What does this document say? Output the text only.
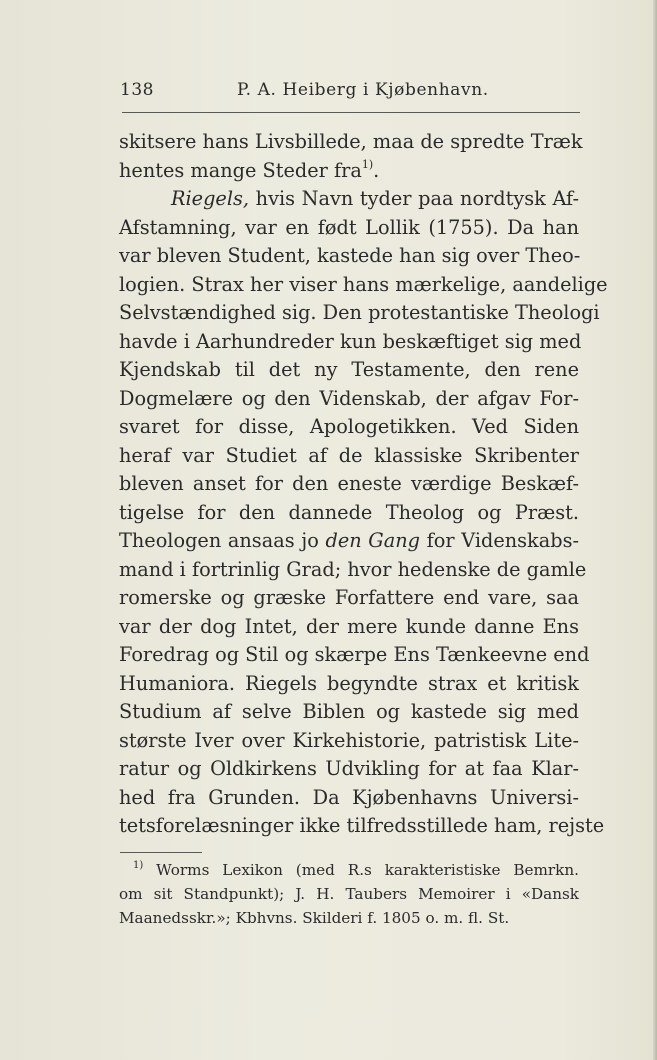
138	P. A. Heiberg i Kjøbenhavn.
skitsere hans Livsbillede, maa de spredte Træk
hentes mange Steder fra$^{1)}$.
Riegels, hvis Navn tyder paa nordtysk Af-
Afstamning, var en født Lollik (1755). Da han
var bleven Student, kastede han sig over Theo-
logien. Strax her viser hans mærkelige, aandelige
Selvstændighed sig. Den protestantiske Theologi
havde i Aarhundreder kun beskæftiget sig med
Kjendskab til det ny Testamente, den rene
Dogmelære og den Videnskab, der afgav For-
svaret for disse, Apologetikken. Ved Siden
heraf var Studiet af de klassiske Skribenter
bleven anset for den eneste værdige Beskæf-
tigelse for den dannede Theolog og Præst.
Theologen ansaas jo den Gang for Videnskabs-
mand i fortrinlig Grad; hvor hedenske de gamle
romerske og græske Forfattere end vare, saa
var der dog Intet, der mere kunde danne Ens
Foredrag og Stil og skærpe Ens Tænkeevne end
Humaniora. Riegels begyndte strax et kritisk
Studium af selve Biblen og kastede sig med
største Iver over Kirkehistorie, patristisk Lite-
ratur og Oldkirkens Udvikling for at faa Klar-
hed fra Grunden. Da Kjøbenhavns Universi-
tetsforelæsninger ikke tilfredsstillede ham, rejste
$^{1)}$ Worms Lexikon (med R.s karakteristiske Bemrkn.
om sit Standpunkt); J. H. Taubers Memoirer i «Dansk
Maanedsskr.»; Kbhvns. Skilderi f. 1805 o. m. fl. St.
